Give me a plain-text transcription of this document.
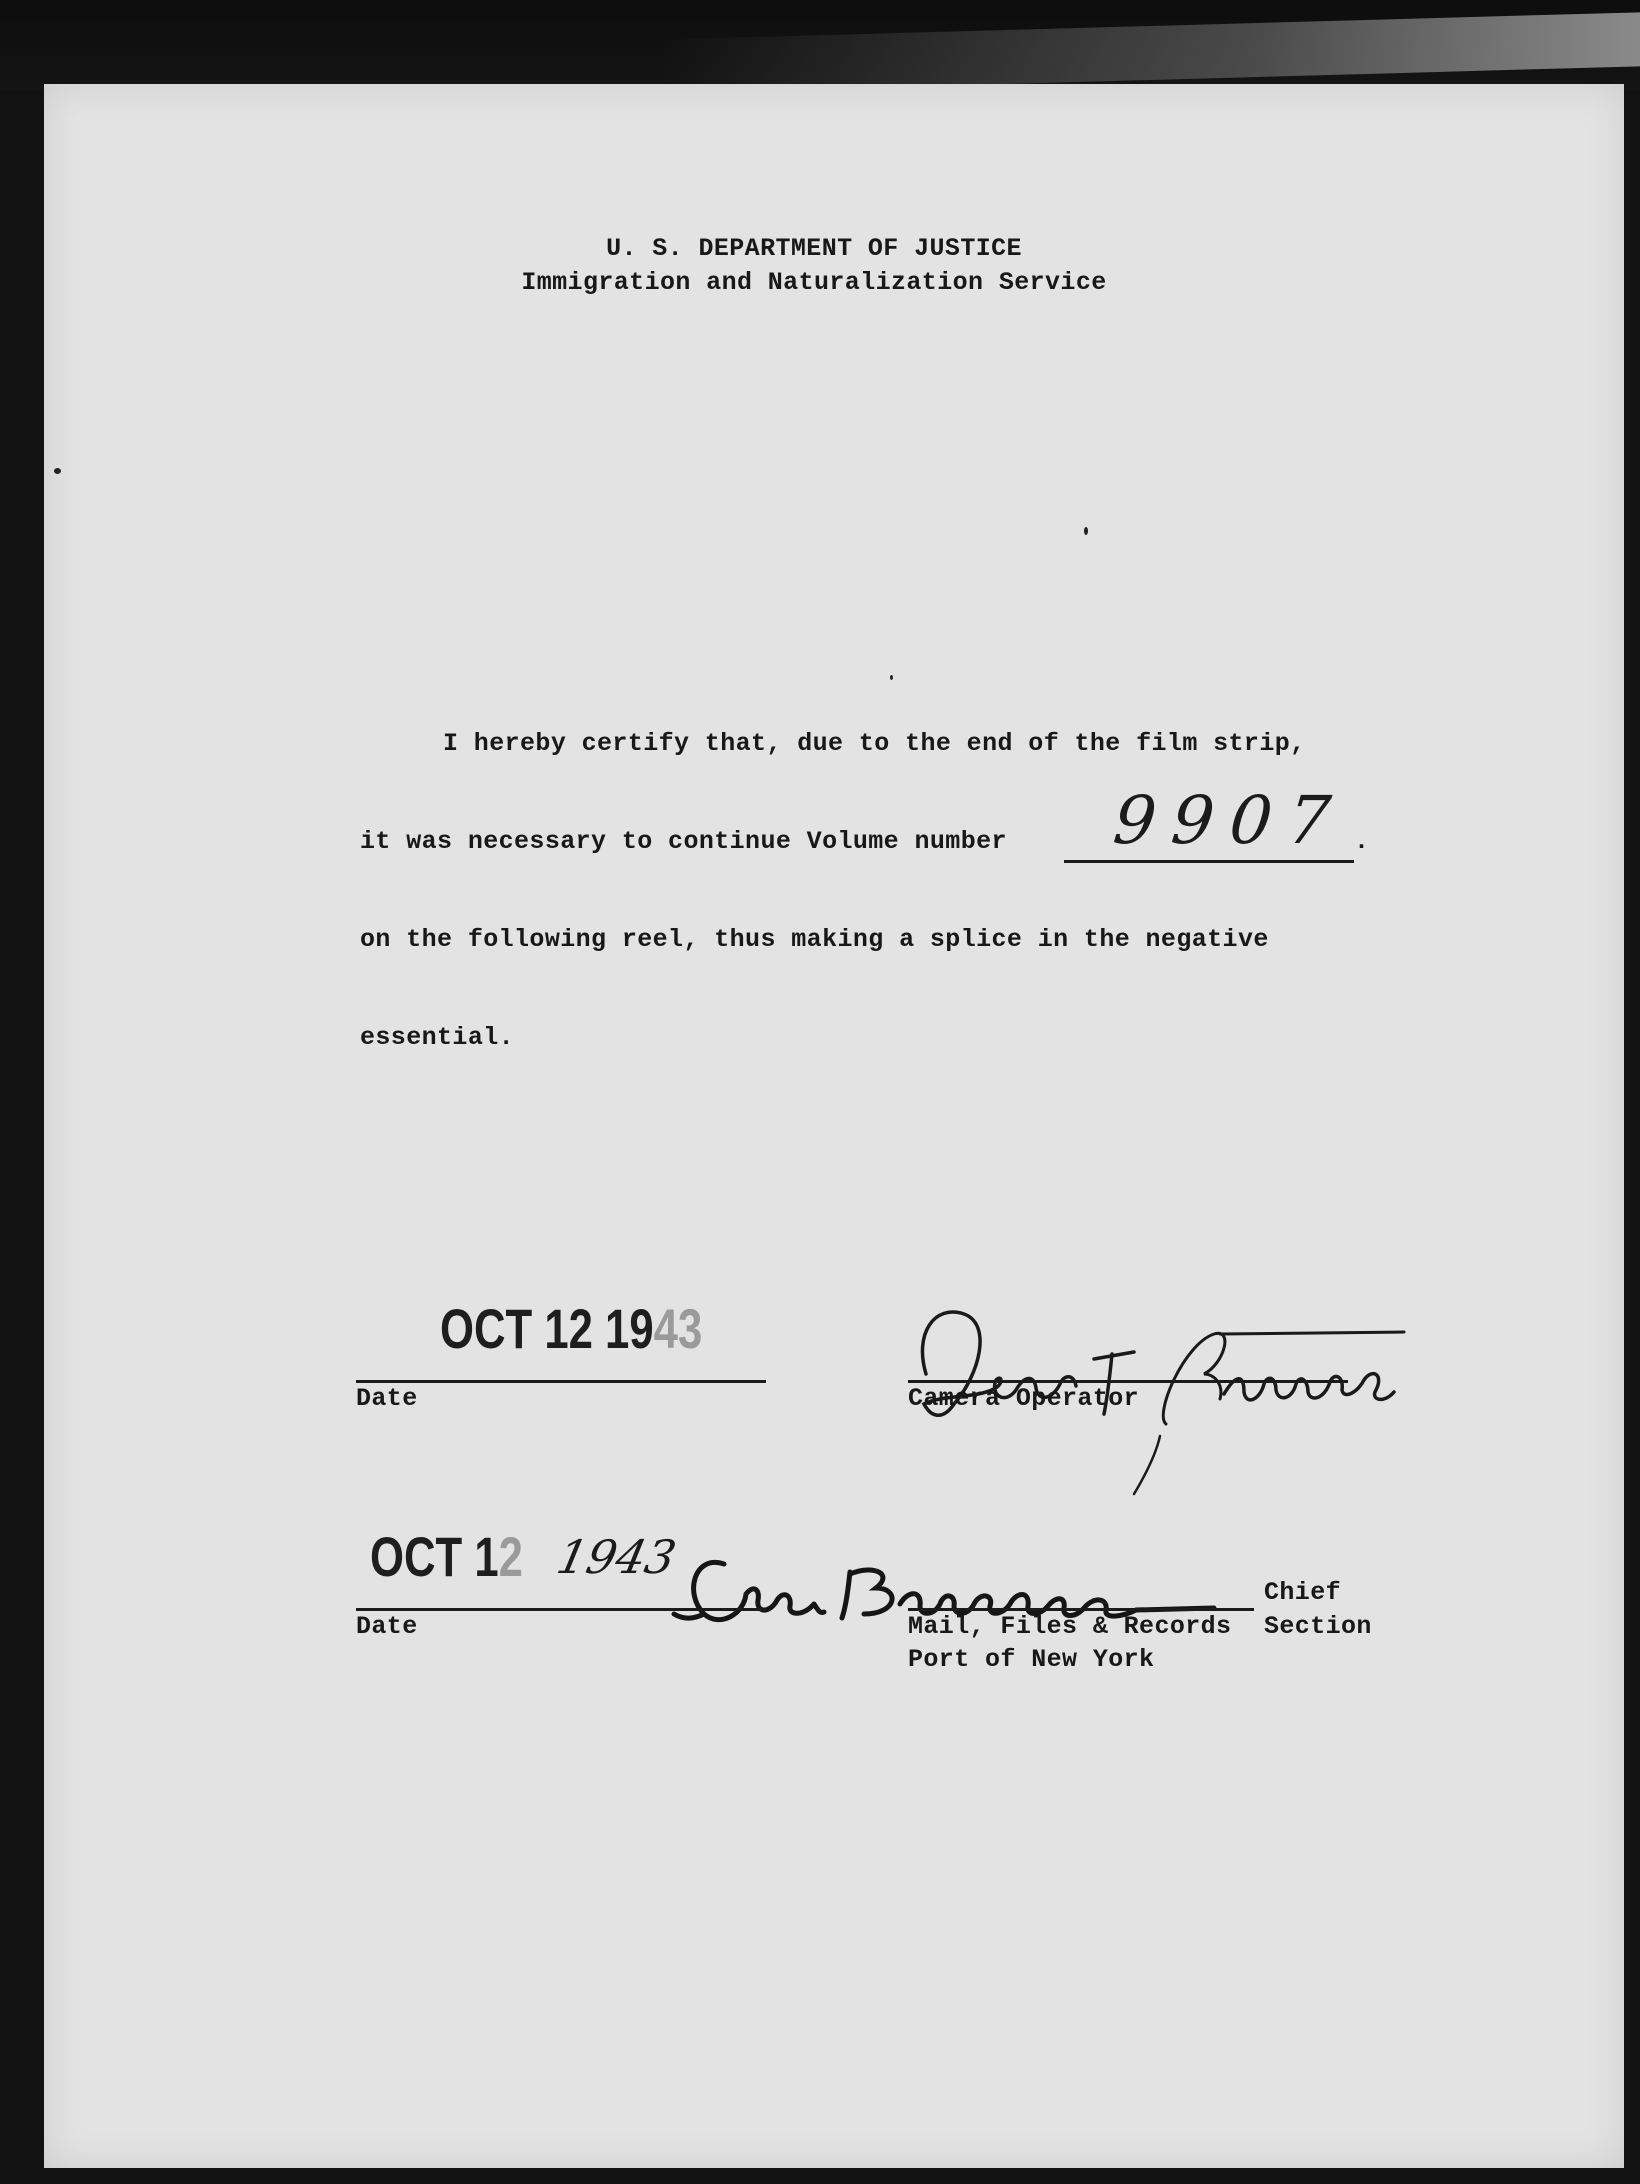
U. S. DEPARTMENT OF JUSTICE
Immigration and Naturalization Service
I hereby certify that, due to the end of the film strip,
it was necessary to continue Volume number	.
9907
on the following reel, thus making a splice in the negative
essential.
OCT 12 1943
Date	Camera Operator
OCT 12 1943
Date
Chief
Mail, Files & Records Section
Port of New York
